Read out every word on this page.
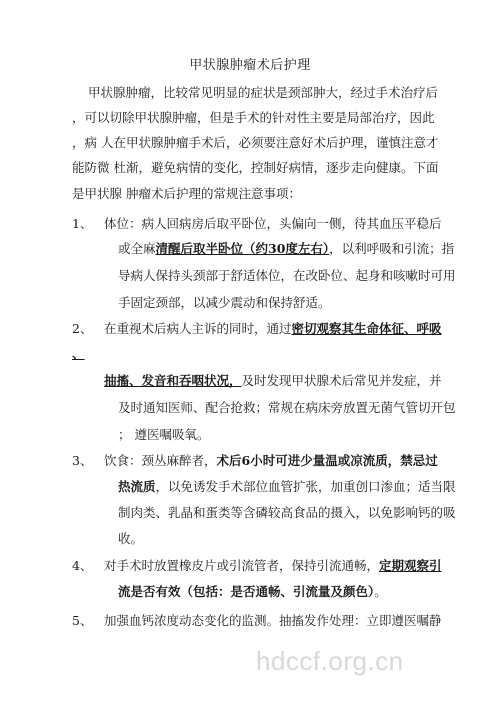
甲状腺肿瘤术后护理
甲状腺肿瘤，比较常见明显的症状是颈部肿大，经过手术治疗后
，可以切除甲状腺肿瘤，但是手术的针对性主要是局部治疗，因此
，病 人在甲状腺肿瘤手术后，必须要注意好术后护理，谨慎注意才
能防微 杜渐，避免病情的变化，控制好病情，逐步走向健康。下面
是甲状腺 肿瘤术后护理的常规注意事项：
1、 体位：病人回病房后取平卧位，头偏向一侧，待其血压平稳后
或全麻清醒后取半卧位（约30度左右），以利呼吸和引流；指
导病人保持头颈部于舒适体位，在改卧位、起身和咳嗽时可用
手固定颈部，以减少震动和保持舒适。
2、 在重视术后病人主诉的同时，通过密切观察其生命体征、呼吸
、
抽搐、发音和吞咽状况，及时发现甲状腺术后常见并发症，并
及时通知医师、配合抢救；常规在病床旁放置无菌气管切开包
； 遵医嘱吸氧。
3、 饮食：颈丛麻醉者，术后6小时可进少量温或凉流质，禁忌过
热流质，以免诱发手术部位血管扩张，加重创口渗血；适当限
制肉类、乳晶和蛋类等含磷较高食品的摄入，以免影响钙的吸
收。
4、 对手术时放置橡皮片或引流管者，保持引流通畅，定期观察引
流是否有效（包括：是否通畅、引流量及颜色）。
5、 加强血钙浓度动态变化的监测。抽搐发作处理：立即遵医嘱静
hdccf.org.cn
